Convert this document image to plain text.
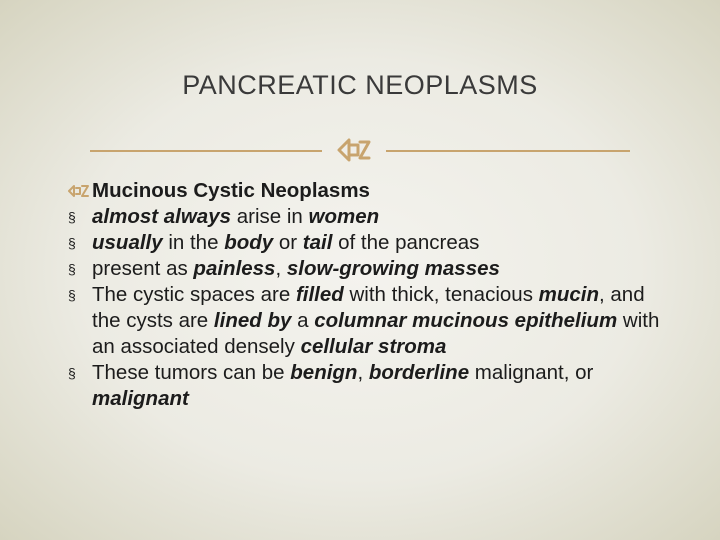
PANCREATIC NEOPLASMS
Mucinous Cystic Neoplasms
§ almost always arise in women
§ usually in the body or tail of the pancreas
§ present as painless, slow-growing masses
§ The cystic spaces are filled with thick, tenacious mucin, and the cysts are lined by a columnar mucinous epithelium with an associated densely cellular stroma
§ These tumors can be benign, borderline malignant, or malignant
